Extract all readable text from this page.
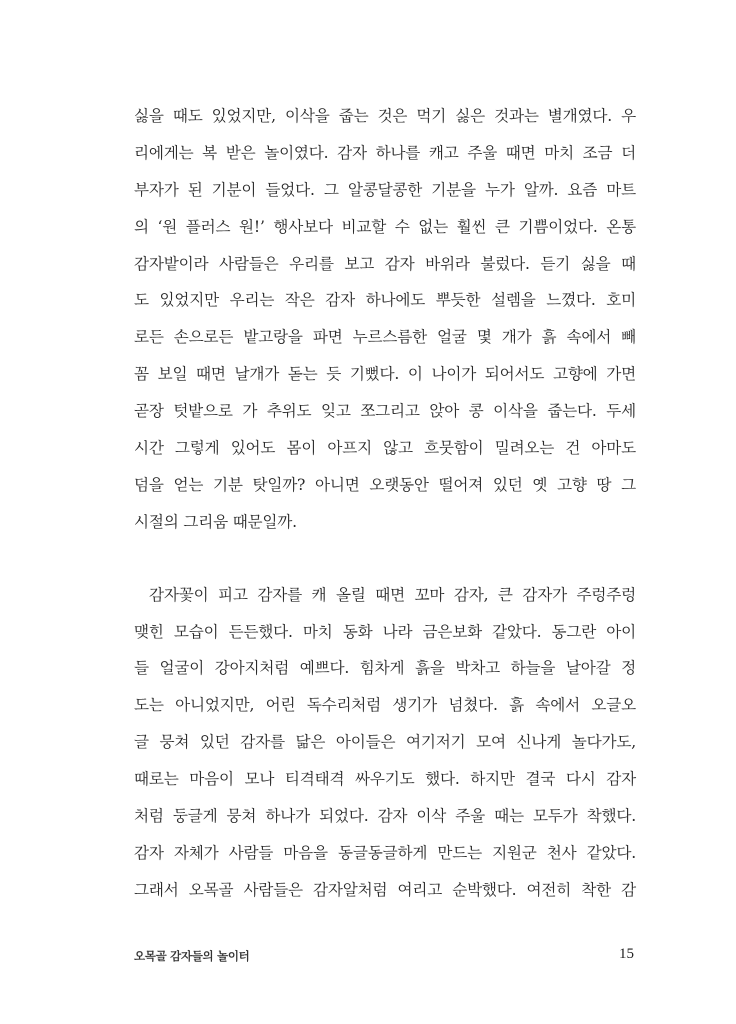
싫을 때도 있었지만, 이삭을 줍는 것은 먹기 싫은 것과는 별개였다. 우
리에게는 복 받은 놀이였다. 감자 하나를 캐고 주울 때면 마치 조금 더
부자가 된 기분이 들었다. 그 알콩달콩한 기분을 누가 알까. 요즘 마트
의 ‘원 플러스 원!’ 행사보다 비교할 수 없는 훨씬 큰 기쁨이었다. 온통
감자밭이라 사람들은 우리를 보고 감자 바위라 불렀다. 듣기 싫을 때
도 있었지만 우리는 작은 감자 하나에도 뿌듯한 설렘을 느꼈다. 호미
로든 손으로든 밭고랑을 파면 누르스름한 얼굴 몇 개가 흙 속에서 빼
꼼 보일 때면 날개가 돋는 듯 기뻤다. 이 나이가 되어서도 고향에 가면
곧장 텃밭으로 가 추위도 잊고 쪼그리고 앉아 콩 이삭을 줍는다. 두세
시간 그렇게 있어도 몸이 아프지 않고 흐뭇함이 밀려오는 건 아마도
덤을 얻는 기분 탓일까? 아니면 오랫동안 떨어져 있던 옛 고향 땅 그
시절의 그리움 때문일까.
감자꽃이 피고 감자를 캐 올릴 때면 꼬마 감자, 큰 감자가 주렁주렁
맺힌 모습이 든든했다. 마치 동화 나라 금은보화 같았다. 동그란 아이
들 얼굴이 강아지처럼 예쁘다. 힘차게 흙을 박차고 하늘을 날아갈 정
도는 아니었지만, 어린 독수리처럼 생기가 넘쳤다. 흙 속에서 오글오
글 뭉쳐 있던 감자를 닮은 아이들은 여기저기 모여 신나게 놀다가도,
때로는 마음이 모나 티격태격 싸우기도 했다. 하지만 결국 다시 감자
처럼 둥글게 뭉쳐 하나가 되었다. 감자 이삭 주울 때는 모두가 착했다.
감자 자체가 사람들 마음을 동글동글하게 만드는 지원군 천사 같았다.
그래서 오목골 사람들은 감자알처럼 여리고 순박했다. 여전히 착한 감
오목골 감자들의 놀이터	15
